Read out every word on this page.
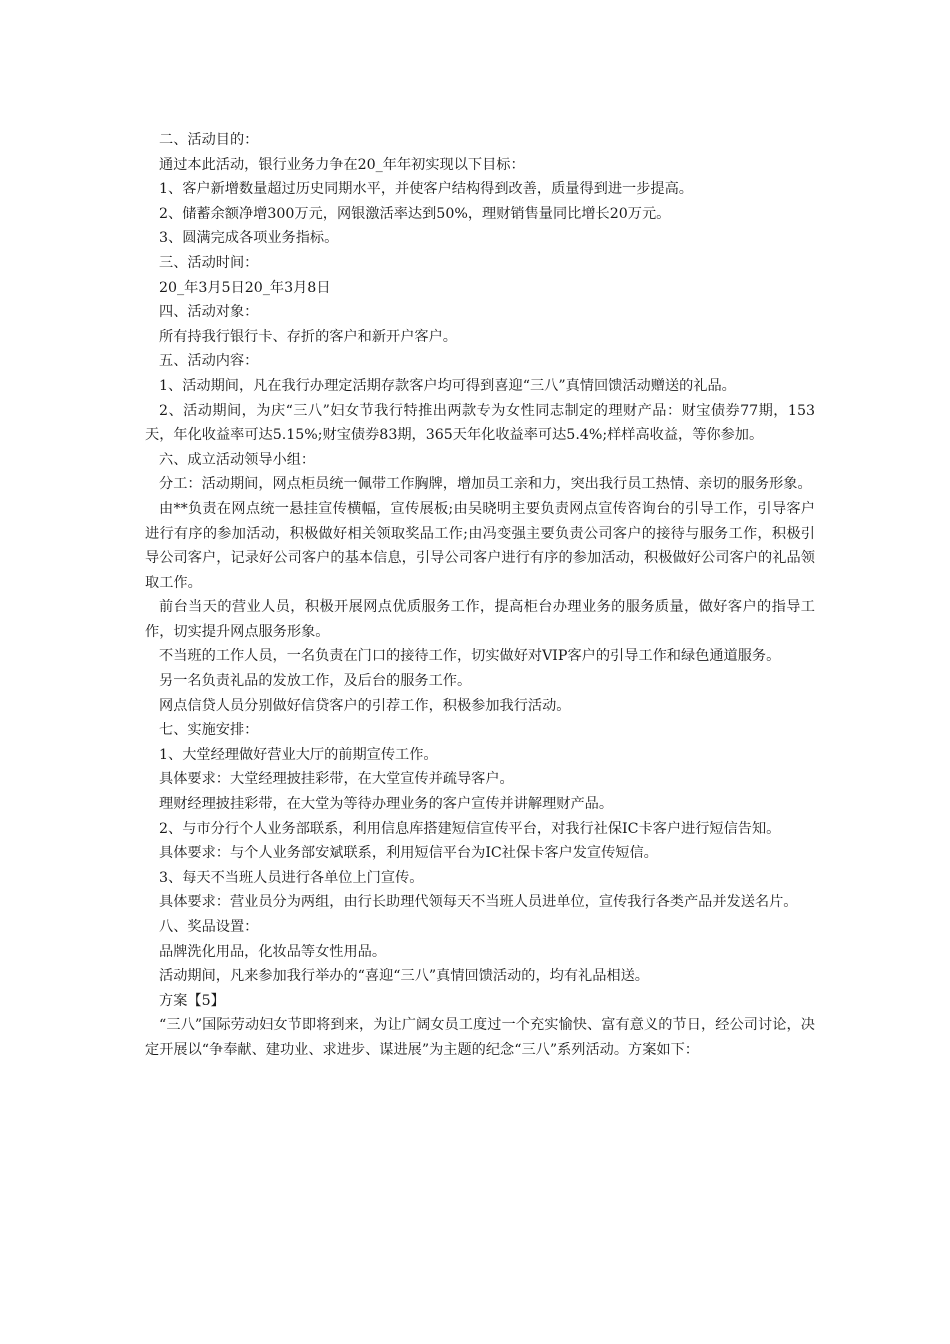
二、活动目的：

通过本此活动，银行业务力争在20_年年初实现以下目标：

1、客户新增数量超过历史同期水平，并使客户结构得到改善，质量得到进一步提高。

2、储蓄余额净增300万元，网银激活率达到50%，理财销售量同比增长20万元。

3、圆满完成各项业务指标。

三、活动时间：

20_年3月5日20_年3月8日

四、活动对象：

所有持我行银行卡、存折的客户和新开户客户。

五、活动内容：

1、活动期间，凡在我行办理定活期存款客户均可得到喜迎“三八”真情回馈活动赠送的礼品。

2、活动期间，为庆“三八”妇女节我行特推出两款专为女性同志制定的理财产品：财宝债券77期，153天，年化收益率可达5.15%;财宝债券83期，365天年化收益率可达5.4%;样样高收益，等你参加。

六、成立活动领导小组：

分工：活动期间，网点柜员统一佩带工作胸牌，增加员工亲和力，突出我行员工热情、亲切的服务形象。

由**负责在网点统一悬挂宣传横幅，宣传展板;由吴晓明主要负责网点宣传咨询台的引导工作，引导客户进行有序的参加活动，积极做好相关领取奖品工作;由冯变强主要负责公司客户的接待与服务工作，积极引导公司客户，记录好公司客户的基本信息，引导公司客户进行有序的参加活动，积极做好公司客户的礼品领取工作。

前台当天的营业人员，积极开展网点优质服务工作，提高柜台办理业务的服务质量，做好客户的指导工作，切实提升网点服务形象。

不当班的工作人员，一名负责在门口的接待工作，切实做好对VIP客户的引导工作和绿色通道服务。

另一名负责礼品的发放工作，及后台的服务工作。

网点信贷人员分别做好信贷客户的引荐工作，积极参加我行活动。

七、实施安排：

1、大堂经理做好营业大厅的前期宣传工作。

具体要求：大堂经理披挂彩带，在大堂宣传并疏导客户。

理财经理披挂彩带，在大堂为等待办理业务的客户宣传并讲解理财产品。

2、与市分行个人业务部联系，利用信息库搭建短信宣传平台，对我行社保IC卡客户进行短信告知。

具体要求：与个人业务部安斌联系，利用短信平台为IC社保卡客户发宣传短信。

3、每天不当班人员进行各单位上门宣传。

具体要求：营业员分为两组，由行长助理代领每天不当班人员进单位，宣传我行各类产品并发送名片。

八、奖品设置：

品牌洗化用品，化妆品等女性用品。

活动期间，凡来参加我行举办的“喜迎“三八”真情回馈活动的，均有礼品相送。

方案【5】

“三八”国际劳动妇女节即将到来，为让广阔女员工度过一个充实愉快、富有意义的节日，经公司讨论，决定开展以“争奉献、建功业、求进步、谋进展”为主题的纪念“三八”系列活动。方案如下：
